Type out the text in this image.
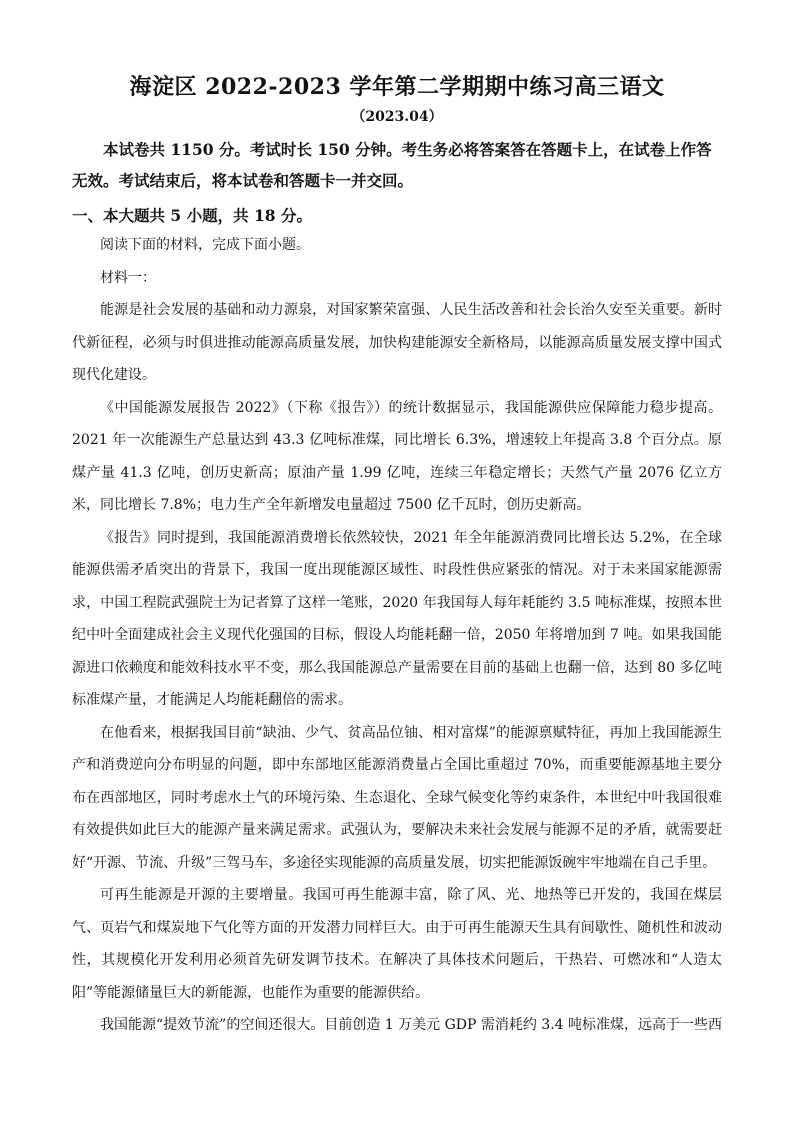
海淀区 2022-2023 学年第二学期期中练习高三语文
（2023.04）
本试卷共 1150 分。考试时长 150 分钟。考生务必将答案答在答题卡上，在试卷上作答无效。考试结束后，将本试卷和答题卡一并交回。
一、本大题共 5 小题，共 18 分。
阅读下面的材料，完成下面小题。
材料一：

能源是社会发展的基础和动力源泉，对国家繁荣富强、人民生活改善和社会长治久安至关重要。新时代新征程，必须与时俱进推动能源高质量发展，加快构建能源安全新格局，以能源高质量发展支撑中国式现代化建设。

《中国能源发展报告 2022》（下称《报告》）的统计数据显示，我国能源供应保障能力稳步提高。2021 年一次能源生产总量达到 43.3 亿吨标准煤，同比增长 6.3%，增速较上年提高 3.8 个百分点。原煤产量 41.3 亿吨，创历史新高；原油产量 1.99 亿吨，连续三年稳定增长；天然气产量 2076 亿立方米，同比增长 7.8%；电力生产全年新增发电量超过 7500 亿千瓦时，创历史新高。

《报告》同时提到，我国能源消费增长依然较快，2021 年全年能源消费同比增长达 5.2%，在全球能源供需矛盾突出的背景下，我国一度出现能源区域性、时段性供应紧张的情况。对于未来国家能源需求，中国工程院武强院士为记者算了这样一笔账，2020 年我国每人每年耗能约 3.5 吨标准煤，按照本世纪中叶全面建成社会主义现代化强国的目标，假设人均能耗翻一倍，2050 年将增加到 7 吨。如果我国能源进口依赖度和能效科技水平不变，那么我国能源总产量需要在目前的基础上也翻一倍，达到 80 多亿吨标准煤产量，才能满足人均能耗翻倍的需求。

在他看来，根据我国目前“缺油、少气、贫高品位铀、相对富煤”的能源禀赋特征，再加上我国能源生产和消费逆向分布明显的问题，即中东部地区能源消费量占全国比重超过 70%，而重要能源基地主要分布在西部地区，同时考虑水土气的环境污染、生态退化、全球气候变化等约束条件，本世纪中叶我国很难有效提供如此巨大的能源产量来满足需求。武强认为，要解决未来社会发展与能源不足的矛盾，就需要赶好“开源、节流、升级”三驾马车，多途径实现能源的高质量发展，切实把能源饭碗牢牢地端在自己手里。

可再生能源是开源的主要增量。我国可再生能源丰富，除了风、光、地热等已开发的，我国在煤层气、页岩气和煤炭地下气化等方面的开发潜力同样巨大。由于可再生能源天生具有间歇性、随机性和波动性，其规模化开发利用必须首先研发调节技术。在解决了具体技术问题后，干热岩、可燃冰和“人造太阳”等能源储量巨大的新能源，也能作为重要的能源供给。

我国能源“提效节流”的空间还很大。目前创造 1 万美元 GDP 需消耗约 3.4 吨标准煤，远高于一些西
